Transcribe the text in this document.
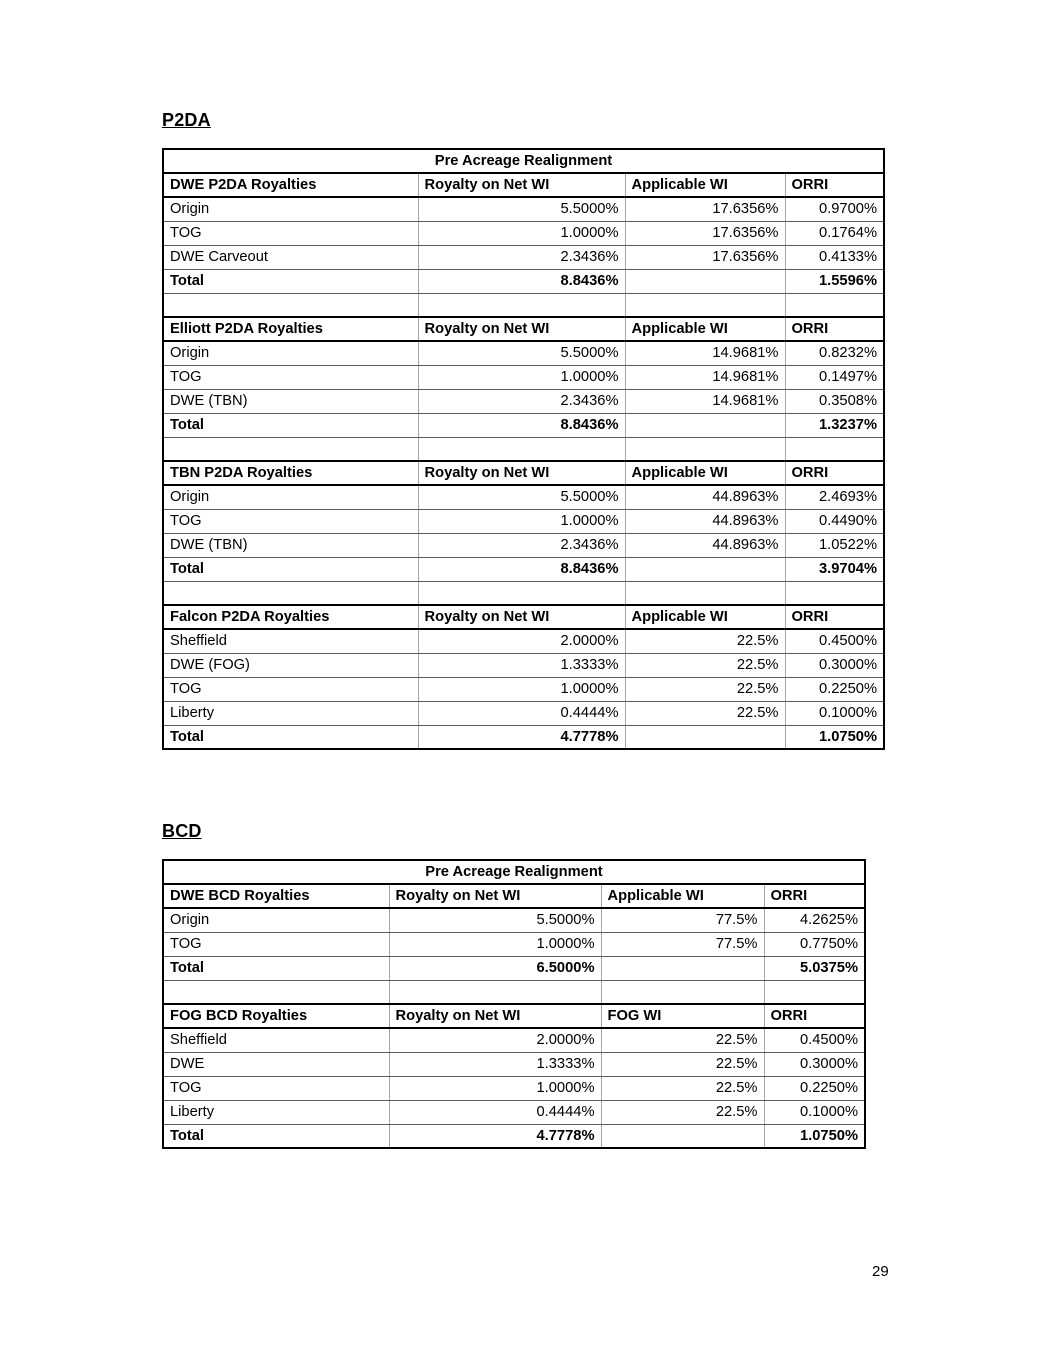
P2DA
Pre Acreage Realignment			
DWE P2DA Royalties	Royalty on Net WI	Applicable WI	ORRI
Origin	5.5000%	17.6356%	0.9700%
TOG	1.0000%	17.6356%	0.1764%
DWE Carveout	2.3436%	17.6356%	0.4133%
Total	8.8436%		1.5596%

Elliott P2DA Royalties	Royalty on Net WI	Applicable WI	ORRI
Origin	5.5000%	14.9681%	0.8232%
TOG	1.0000%	14.9681%	0.1497%
DWE (TBN)	2.3436%	14.9681%	0.3508%
Total	8.8436%		1.3237%

TBN P2DA Royalties	Royalty on Net WI	Applicable WI	ORRI
Origin	5.5000%	44.8963%	2.4693%
TOG	1.0000%	44.8963%	0.4490%
DWE (TBN)	2.3436%	44.8963%	1.0522%
Total	8.8436%		3.9704%

Falcon P2DA Royalties	Royalty on Net WI	Applicable WI	ORRI
Sheffield	2.0000%	22.5%	0.4500%
DWE (FOG)	1.3333%	22.5%	0.3000%
TOG	1.0000%	22.5%	0.2250%
Liberty	0.4444%	22.5%	0.1000%
Total	4.7778%		1.0750%
BCD
Pre Acreage Realignment			
DWE BCD Royalties	Royalty on Net WI	Applicable WI	ORRI
Origin	5.5000%	77.5%	4.2625%
TOG	1.0000%	77.5%	0.7750%
Total	6.5000%		5.0375%

FOG BCD Royalties	Royalty on Net WI	FOG WI	ORRI
Sheffield	2.0000%	22.5%	0.4500%
DWE	1.3333%	22.5%	0.3000%
TOG	1.0000%	22.5%	0.2250%
Liberty	0.4444%	22.5%	0.1000%
Total	4.7778%		1.0750%
29
